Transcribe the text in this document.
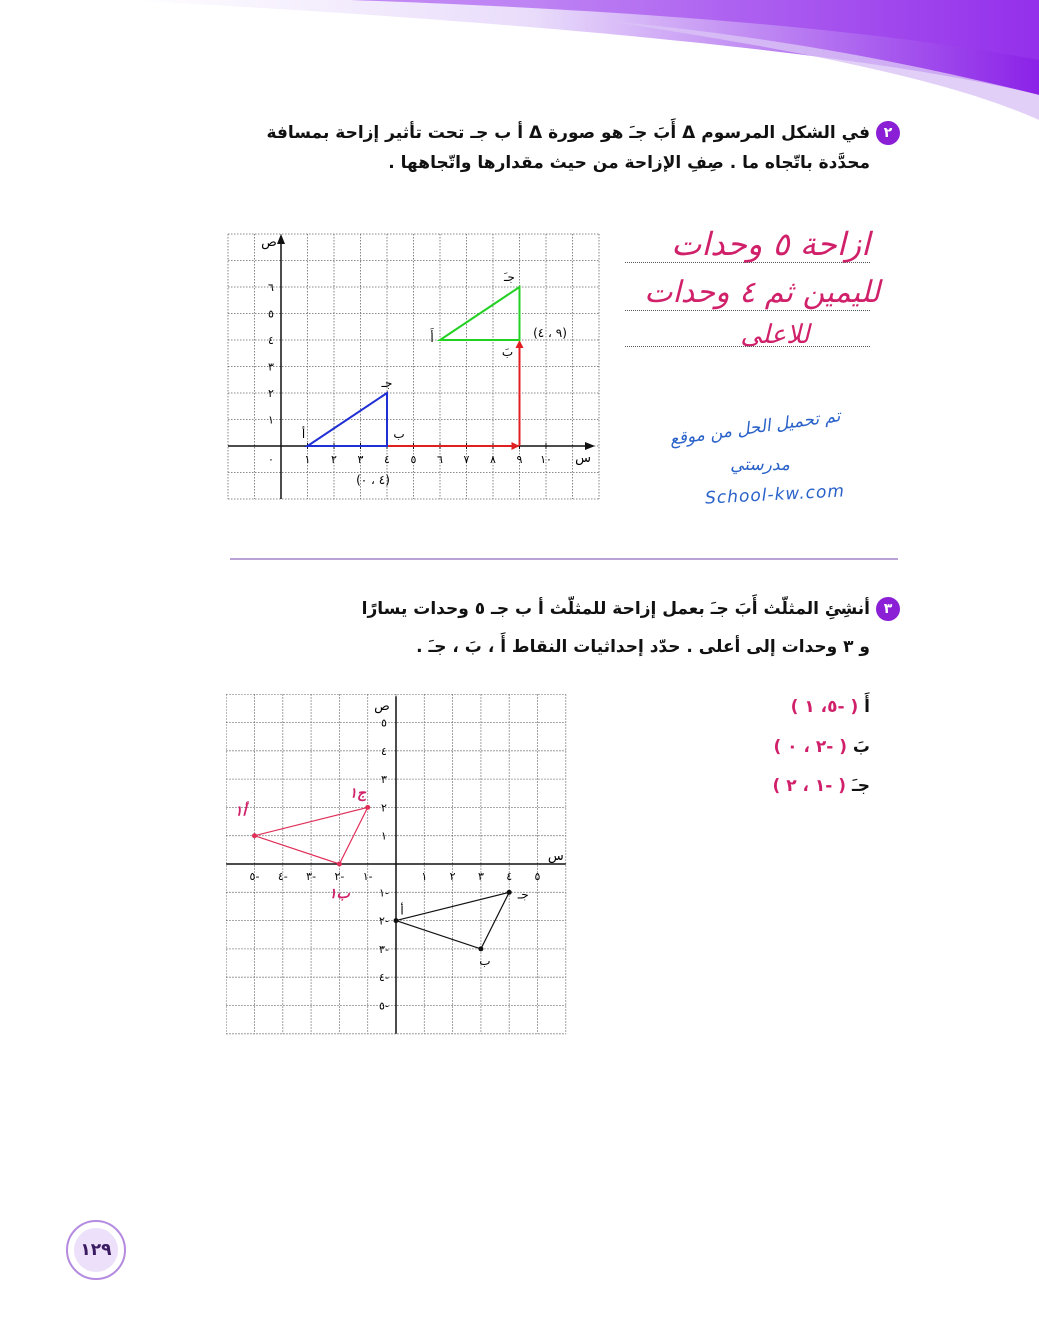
٢
في الشكل المرسوم Δ أَبَ جـَ هو صورة Δ أ ب جـ تحت تأثير إزاحة بمسافة
محدَّدة باتّجاه ما . صِفِ الإزاحة من حيث مقدارها واتّجاهها .
ازاحة ٥ وحدات
لليمين ثم ٤ وحدات
للاعلى
تم تحميل الحل من موقع
مدرستي
School-kw.com
ص
س
٠	١ ٢ ٣ ٤ ٥ ٦ ٧ ٨ ٩ ١٠
١
٢
٣
٤
٥
٦
أ	ب
جـ
أَ
بَ
جـَ
(٤ ، ٠)
(٩ ، ٤)
٣
أنشِئِ المثلّث أَبَ جـَ بعمل إزاحة للمثلّث أ ب جـ ٥ وحدات يسارًا
و ٣ وحدات إلى أعلى . حدّد إحداثيات النقاط أَ ، بَ ، جـَ .
أَ ( -٥، ١ )
بَ ( -٢ ، ٠ )
جـَ ( -١ ، ٢ )
ص
س
١ ٢ ٣ ٤ ٥
١-
٢-
٣-
٤-
٥-
١
٢
٣
٤
٥
١-
٢-
٣-
٤-
٥-
أ
ب
جـ
أ١
ب١
ج١
١٢٩
